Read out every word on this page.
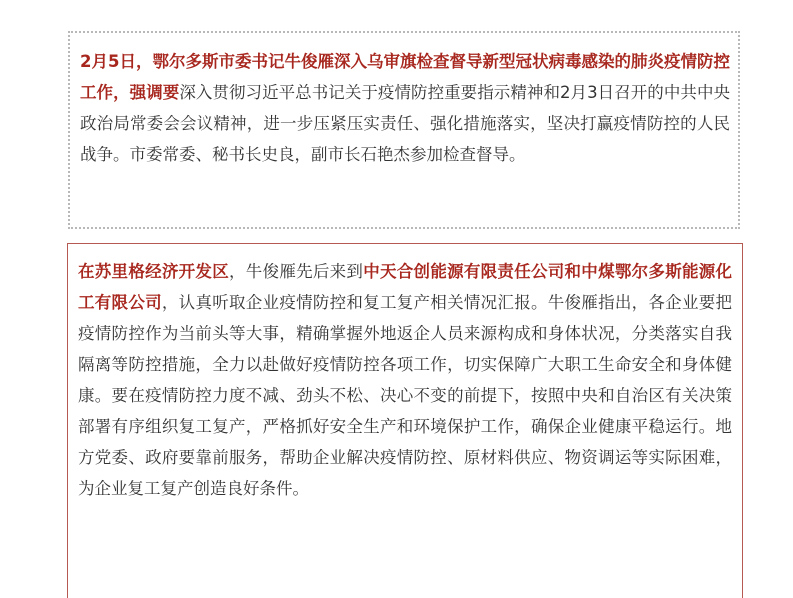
2月5日，鄂尔多斯市委书记牛俊雁深入乌审旗检查督导新型冠状病毒感染的肺炎疫情防控工作，强调要深入贯彻习近平总书记关于疫情防控重要指示精神和2月3日召开的中共中央政治局常委会会议精神，进一步压紧压实责任、强化措施落实，坚决打赢疫情防控的人民战争。市委常委、秘书长史良，副市长石艳杰参加检查督导。

在苏里格经济开发区，牛俊雁先后来到中天合创能源有限责任公司和中煤鄂尔多斯能源化工有限公司，认真听取企业疫情防控和复工复产相关情况汇报。牛俊雁指出，各企业要把疫情防控作为当前头等大事，精确掌握外地返企人员来源构成和身体状况，分类落实自我隔离等防控措施，全力以赴做好疫情防控各项工作，切实保障广大职工生命安全和身体健康。要在疫情防控力度不减、劲头不松、决心不变的前提下，按照中央和自治区有关决策部署有序组织复工复产，严格抓好安全生产和环境保护工作，确保企业健康平稳运行。地方党委、政府要靠前服务，帮助企业解决疫情防控、原材料供应、物资调运等实际困难，为企业复工复产创造良好条件。
